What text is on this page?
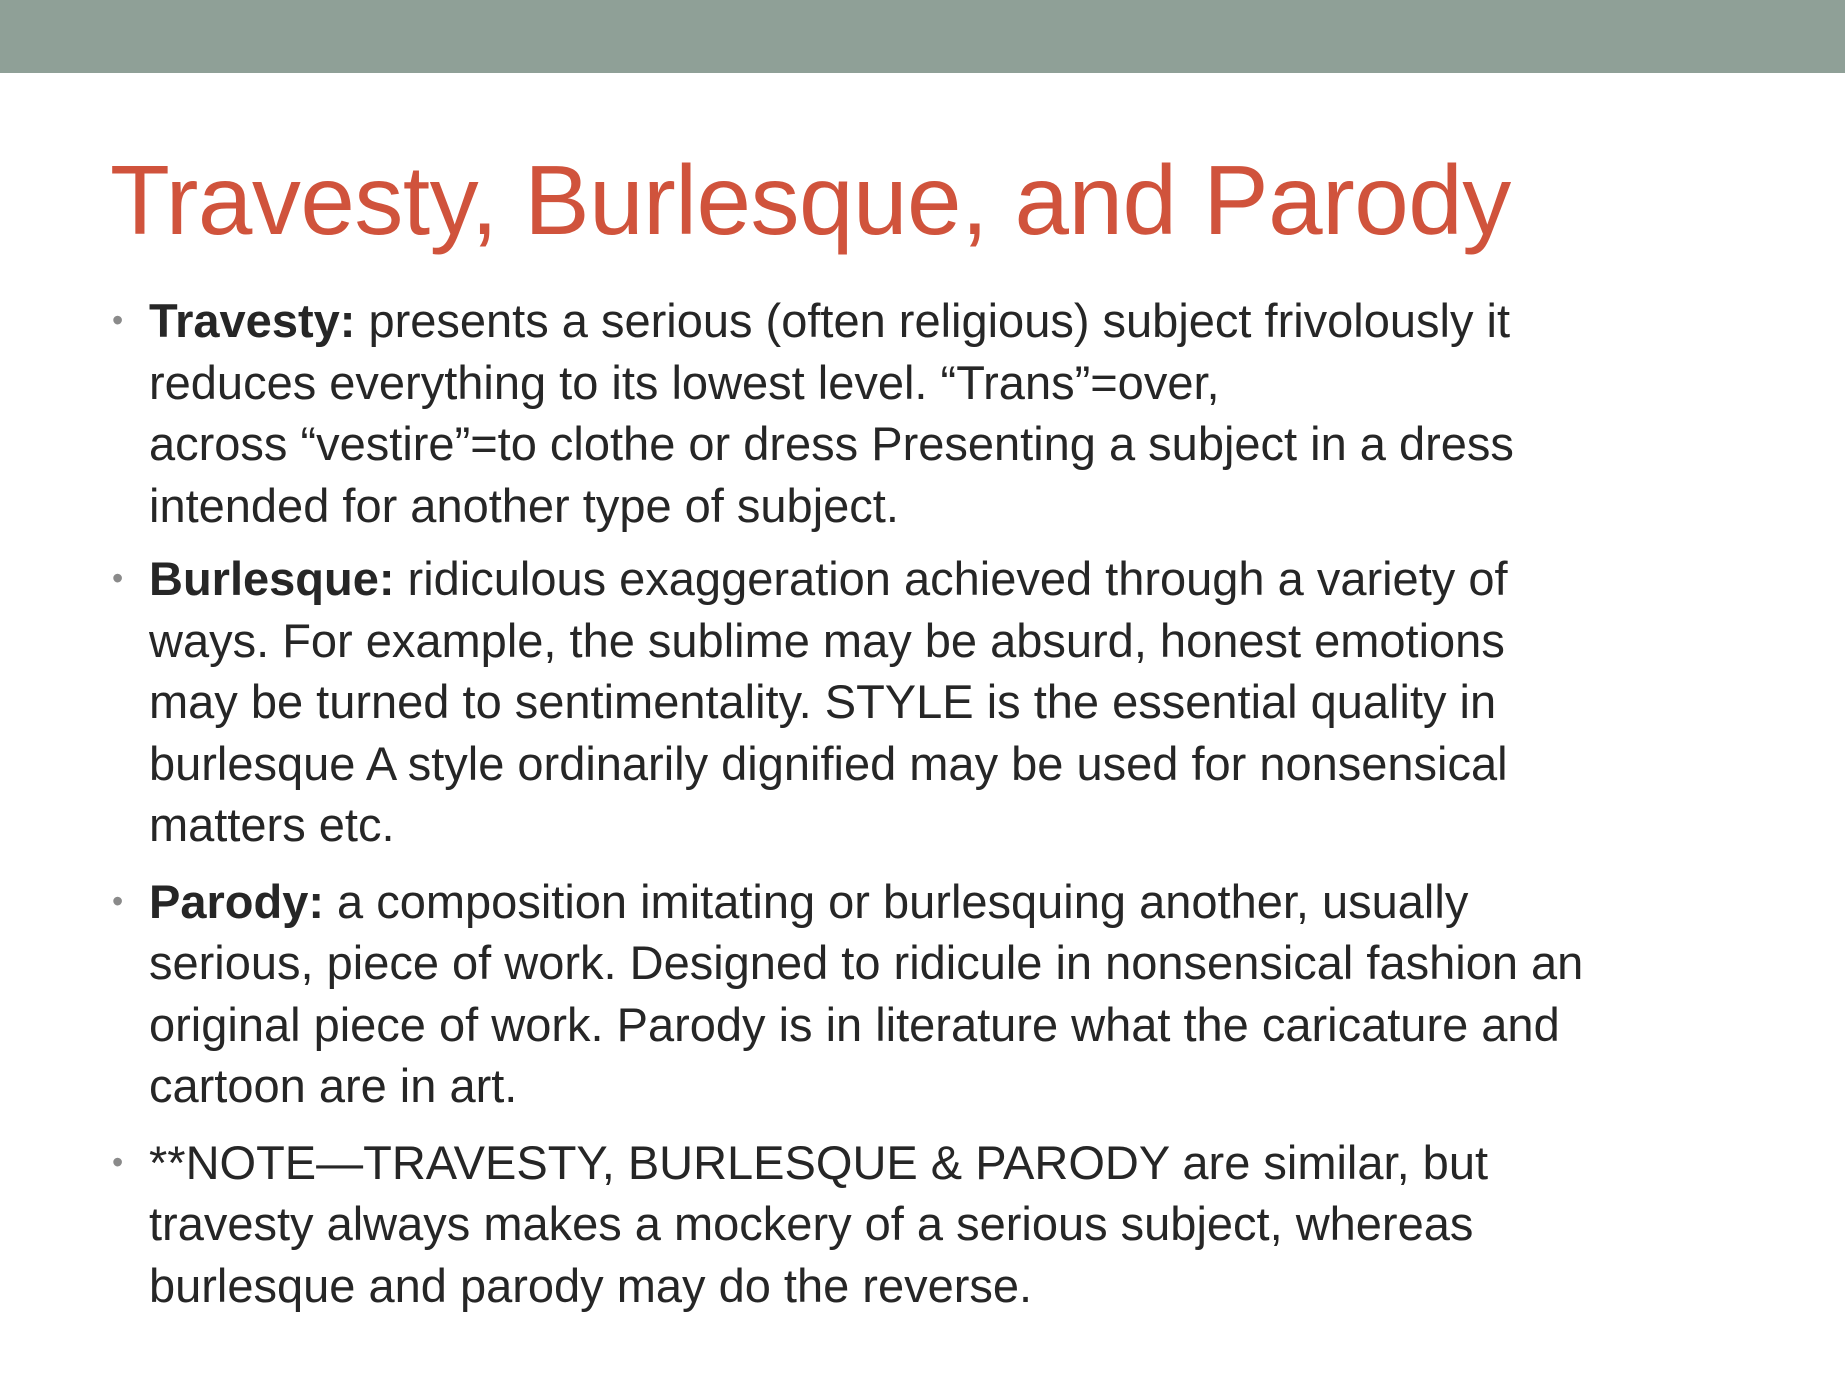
Travesty, Burlesque, and Parody
• Travesty: presents a serious (often religious) subject frivolously it
reduces everything to its lowest level. “Trans”=over,
across “vestire”=to clothe or dress Presenting a subject in a dress
intended for another type of subject.
• Burlesque: ridiculous exaggeration achieved through a variety of
ways. For example, the sublime may be absurd, honest emotions
may be turned to sentimentality. STYLE is the essential quality in
burlesque A style ordinarily dignified may be used for nonsensical
matters etc.
• Parody: a composition imitating or burlesquing another, usually
serious, piece of work. Designed to ridicule in nonsensical fashion an
original piece of work. Parody is in literature what the caricature and
cartoon are in art.
• **NOTE—TRAVESTY, BURLESQUE & PARODY are similar, but
travesty always makes a mockery of a serious subject, whereas
burlesque and parody may do the reverse.
